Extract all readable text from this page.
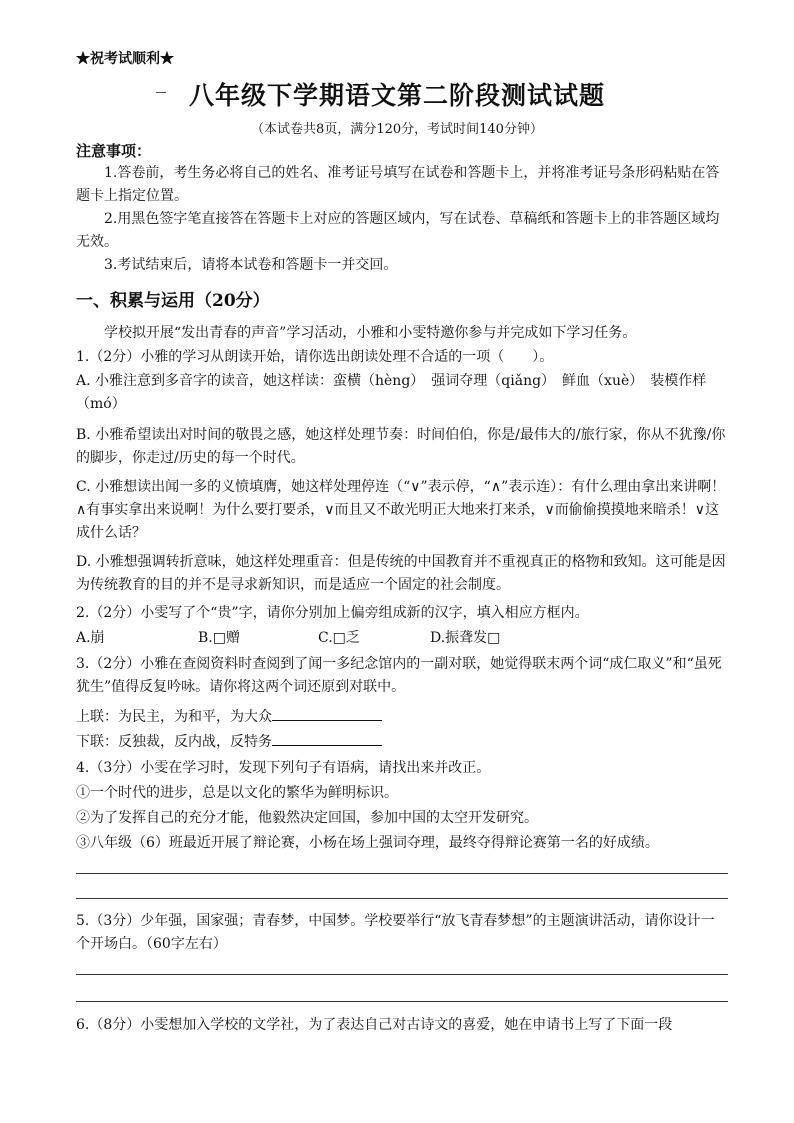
★祝考试顺利★
八年级下学期语文第二阶段测试试题
（本试卷共8页，满分120分，考试时间140分钟）
注意事项：
1.答卷前，考生务必将自己的姓名、准考证号填写在试卷和答题卡上，并将准考证号条形码粘贴在答题卡上指定位置。
2.用黑色签字笔直接答在答题卡上对应的答题区域内，写在试卷、草稿纸和答题卡上的非答题区域均无效。
3.考试结束后，请将本试卷和答题卡一并交回。
一、积累与运用（20分）
学校拟开展“发出青春的声音”学习活动，小雅和小雯特邀你参与并完成如下学习任务。
1.（2分）小雅的学习从朗读开始，请你选出朗读处理不合适的一项（　　）。
A. 小雅注意到多音字的读音，她这样读：蛮横（hèng）　强词夺理（qiǎng）　鲜血（xuè）　装模作样（mó）
B. 小雅希望读出对时间的敬畏之感，她这样处理节奏：时间伯伯，你是/最伟大的/旅行家，你从不犹豫/你的脚步，你走过/历史的每一个时代。
C. 小雅想读出闻一多的义愤填膺，她这样处理停连（“∨”表示停，“∧”表示连）：有什么理由拿出来讲啊！∧有事实拿出来说啊！为什么要打要杀，∨而且又不敢光明正大地来打来杀，∨而偷偷摸摸地来暗杀！∨这成什么话？
D. 小雅想强调转折意味，她这样处理重音：但是传统的中国教育并不重视真正的格物和致知。这可能是因为传统教育的目的并不是寻求新知识，而是适应一个固定的社会制度。
2.（2分）小雯写了个“贵”字，请你分别加上偏旁组成新的汉字，填入相应方框内。
A.崩	B.□赠	C.□乏	D.振聋发□
3.（2分）小雅在查阅资料时查阅到了闻一多纪念馆内的一副对联，她觉得联末两个词“成仁取义”和“虽死犹生”值得反复吟咏。请你将这两个词还原到对联中。
上联：为民主，为和平，为大众
下联：反独裁，反内战，反特务
4.（3分）小雯在学习时，发现下列句子有语病，请找出来并改正。
①一个时代的进步，总是以文化的繁华为鲜明标识。
②为了发挥自己的充分才能，他毅然决定回国，参加中国的太空开发研究。
③八年级（6）班最近开展了辩论赛，小杨在场上强词夺理，最终夺得辩论赛第一名的好成绩。
5.（3分）少年强，国家强；青春梦，中国梦。学校要举行“放飞青春梦想”的主题演讲活动，请你设计一个开场白。（60字左右）
6.（8分）小雯想加入学校的文学社，为了表达自己对古诗文的喜爱，她在申请书上写了下面一段
